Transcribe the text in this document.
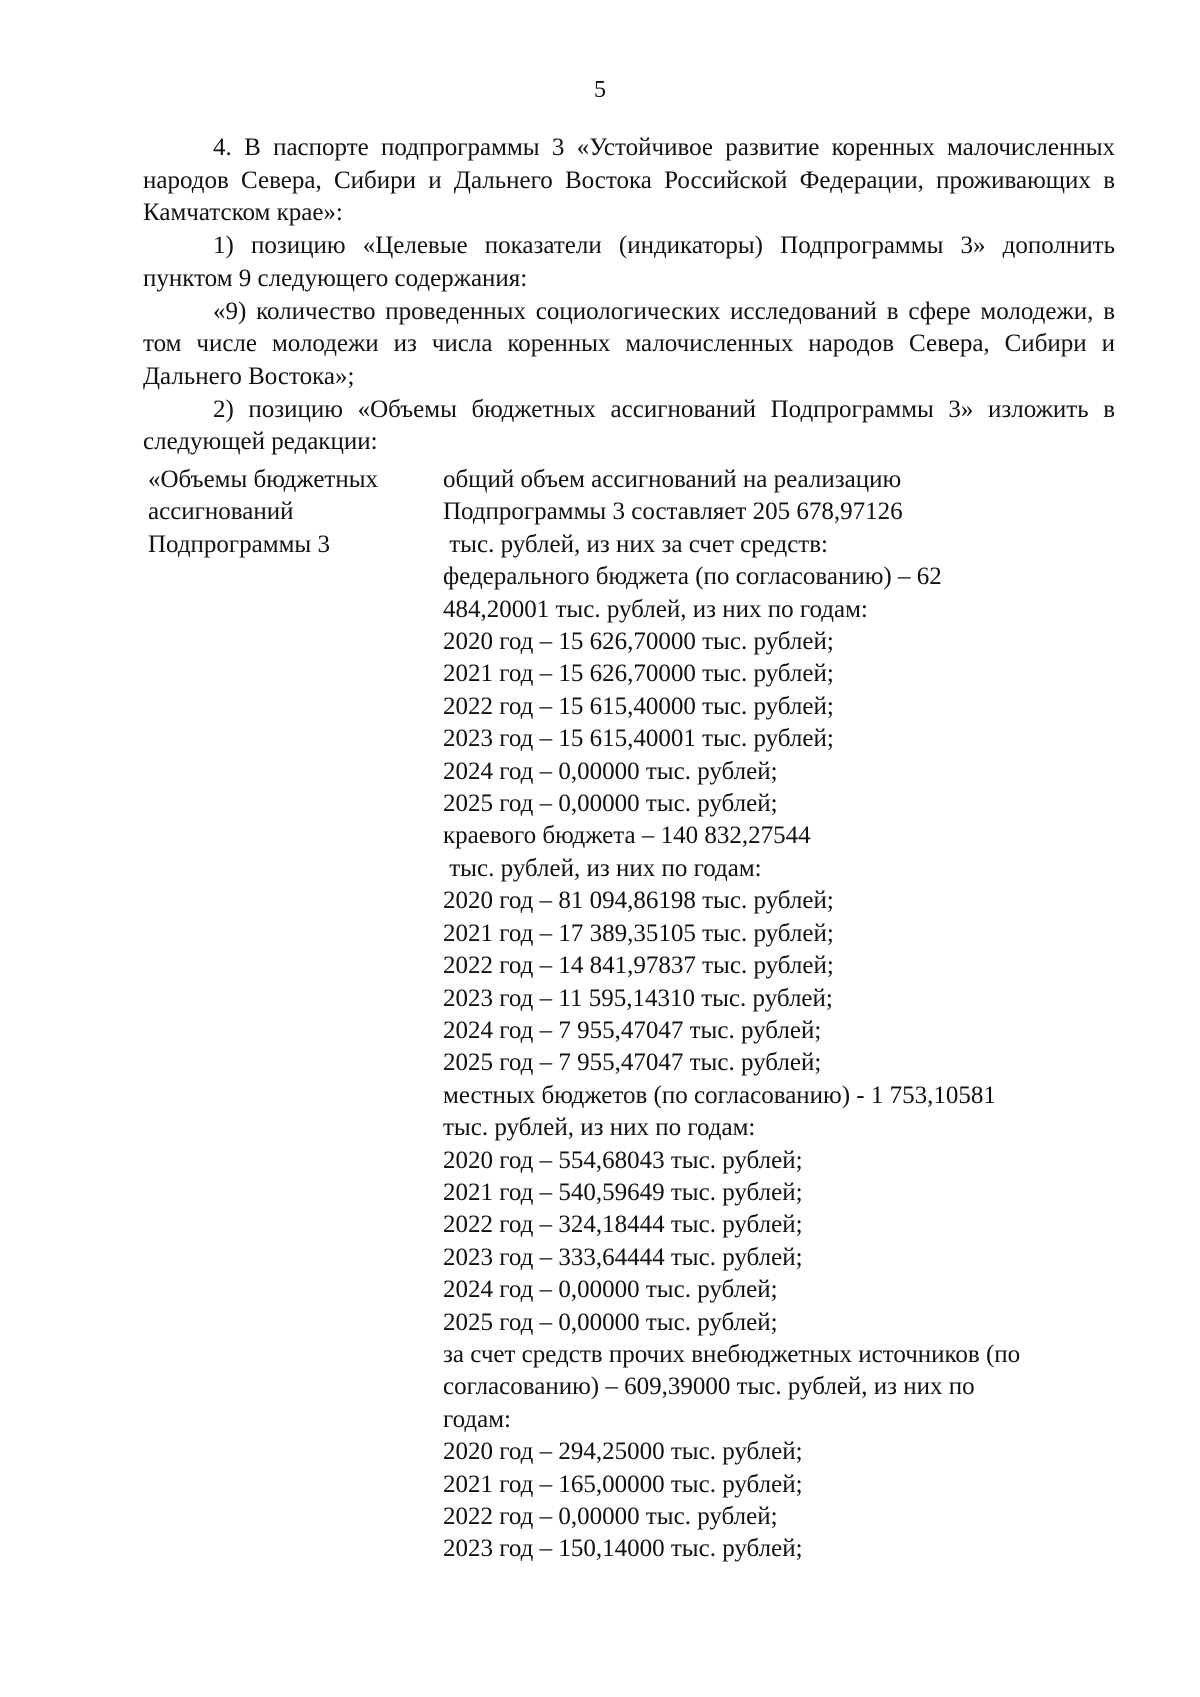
5

4. В паспорте подпрограммы 3 «Устойчивое развитие коренных малочисленных народов Севера, Сибири и Дальнего Востока Российской Федерации, проживающих в Камчатском крае»:

1) позицию «Целевые показатели (индикаторы) Подпрограммы 3» дополнить пунктом 9 следующего содержания:

«9) количество проведенных социологических исследований в сфере молодежи, в том числе молодежи из числа коренных малочисленных народов Севера, Сибири и Дальнего Востока»;

2) позицию «Объемы бюджетных ассигнований Подпрограммы 3» изложить в следующей редакции:

«Объемы бюджетных
ассигнований
Подпрограммы 3
общий объем ассигнований на реализацию
Подпрограммы 3 составляет 205 678,97126
тыс. рублей, из них за счет средств:
федерального бюджета (по согласованию) – 62
484,20001 тыс. рублей, из них по годам:
2020 год – 15 626,70000 тыс. рублей;
2021 год – 15 626,70000 тыс. рублей;
2022 год – 15 615,40000 тыс. рублей;
2023 год – 15 615,40001 тыс. рублей;
2024 год – 0,00000 тыс. рублей;
2025 год – 0,00000 тыс. рублей;
краевого бюджета – 140 832,27544
тыс. рублей, из них по годам:
2020 год – 81 094,86198 тыс. рублей;
2021 год – 17 389,35105 тыс. рублей;
2022 год – 14 841,97837 тыс. рублей;
2023 год – 11 595,14310 тыс. рублей;
2024 год – 7 955,47047 тыс. рублей;
2025 год – 7 955,47047 тыс. рублей;
местных бюджетов (по согласованию) - 1 753,10581
тыс. рублей, из них по годам:
2020 год – 554,68043 тыс. рублей;
2021 год – 540,59649 тыс. рублей;
2022 год – 324,18444 тыс. рублей;
2023 год – 333,64444 тыс. рублей;
2024 год – 0,00000 тыс. рублей;
2025 год – 0,00000 тыс. рублей;
за счет средств прочих внебюджетных источников (по
согласованию) – 609,39000 тыс. рублей, из них по
годам:
2020 год – 294,25000 тыс. рублей;
2021 год – 165,00000 тыс. рублей;
2022 год – 0,00000 тыс. рублей;
2023 год – 150,14000 тыс. рублей;
